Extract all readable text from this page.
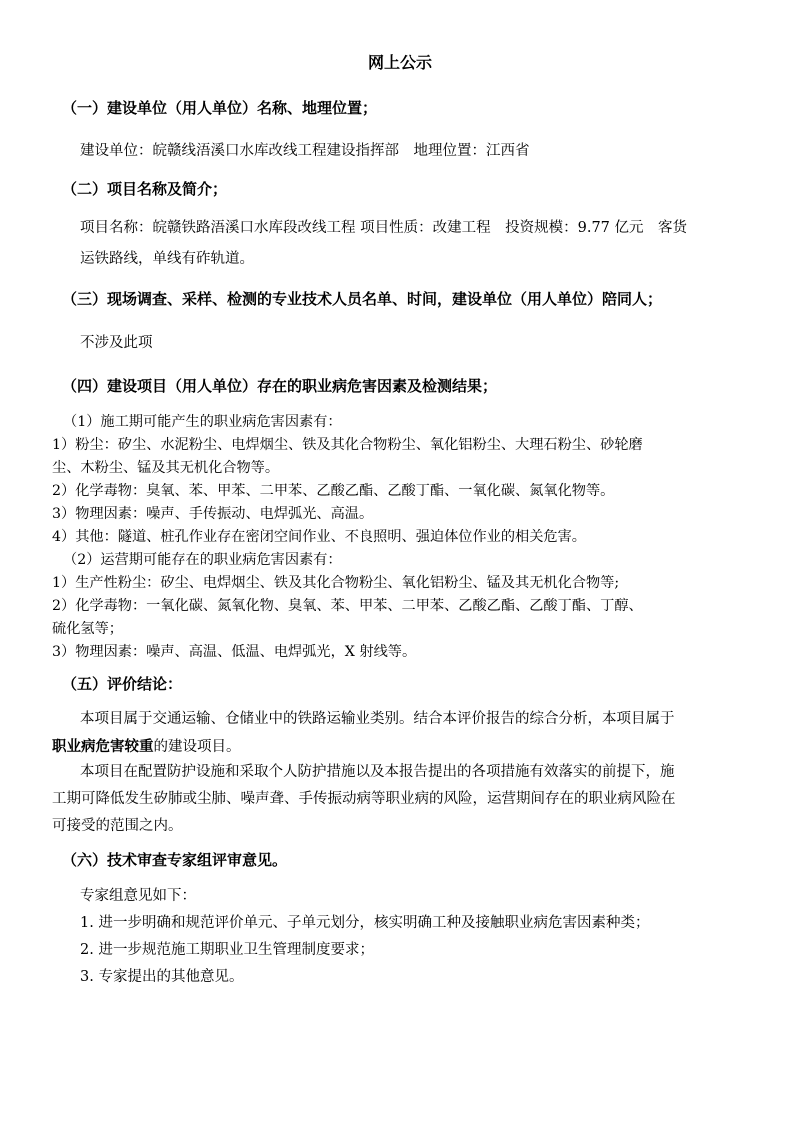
网上公示
（一）建设单位（用人单位）名称、地理位置；

建设单位：皖赣线浯溪口水库改线工程建设指挥部　地理位置：江西省

（二）项目名称及简介；

项目名称：皖赣铁路浯溪口水库段改线工程 项目性质：改建工程　投资规模：9.77 亿元　客货

运铁路线，单线有砟轨道。

（三）现场调查、采样、检测的专业技术人员名单、时间，建设单位（用人单位）陪同人；

不涉及此项

（四）建设项目（用人单位）存在的职业病危害因素及检测结果；

（1）施工期可能产生的职业病危害因素有：

1）粉尘：矽尘、水泥粉尘、电焊烟尘、铁及其化合物粉尘、氧化铝粉尘、大理石粉尘、砂轮磨

尘、木粉尘、锰及其无机化合物等。

2）化学毒物：臭氧、苯、甲苯、二甲苯、乙酸乙酯、乙酸丁酯、一氧化碳、氮氧化物等。

3）物理因素：噪声、手传振动、电焊弧光、高温。

4）其他：隧道、桩孔作业存在密闭空间作业、不良照明、强迫体位作业的相关危害。

（2）运营期可能存在的职业病危害因素有：

1）生产性粉尘：矽尘、电焊烟尘、铁及其化合物粉尘、氧化铝粉尘、锰及其无机化合物等;

2）化学毒物：一氧化碳、氮氧化物、臭氧、苯、甲苯、二甲苯、乙酸乙酯、乙酸丁酯、丁醇、

硫化氢等；

3）物理因素：噪声、高温、低温、电焊弧光，X 射线等。

（五）评价结论：

本项目属于交通运输、仓储业中的铁路运输业类别。结合本评价报告的综合分析，本项目属于

职业病危害较重的建设项目。

本项目在配置防护设施和采取个人防护措施以及本报告提出的各项措施有效落实的前提下，施

工期可降低发生矽肺或尘肺、噪声聋、手传振动病等职业病的风险，运营期间存在的职业病风险在

可接受的范围之内。

（六）技术审查专家组评审意见。

专家组意见如下：

1. 进一步明确和规范评价单元、子单元划分，核实明确工种及接触职业病危害因素种类；

2. 进一步规范施工期职业卫生管理制度要求；

3. 专家提出的其他意见。
